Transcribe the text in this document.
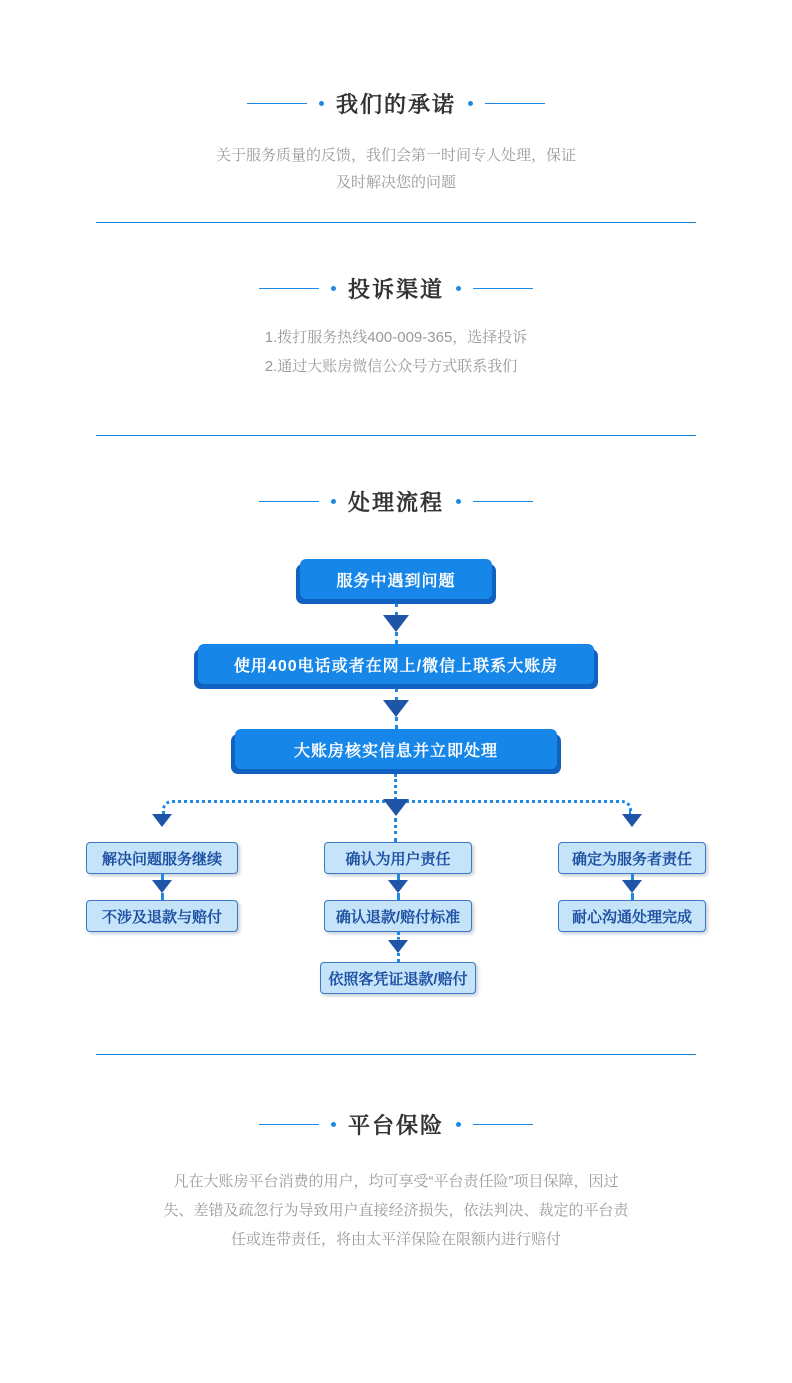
我们的承诺

关于服务质量的反馈，我们会第一时间专人处理，保证及时解决您的问题

投诉渠道

1.拨打服务热线400-009-365，选择投诉

2.通过大账房微信公众号方式联系我们

处理流程
服务中遇到问题
使用400电话或者在网上/微信上联系大账房
大账房核实信息并立即处理
解决问题服务继续
不涉及退款与赔付
确认为用户责任
确认退款/赔付标准
依照客凭证退款/赔付
确定为服务者责任
耐心沟通处理完成
平台保险

凡在大账房平台消费的用户，均可享受“平台责任险”项目保障，因过失、差错及疏忽行为导致用户直接经济损失，依法判决、裁定的平台责任或连带责任，将由太平洋保险在限额内进行赔付
